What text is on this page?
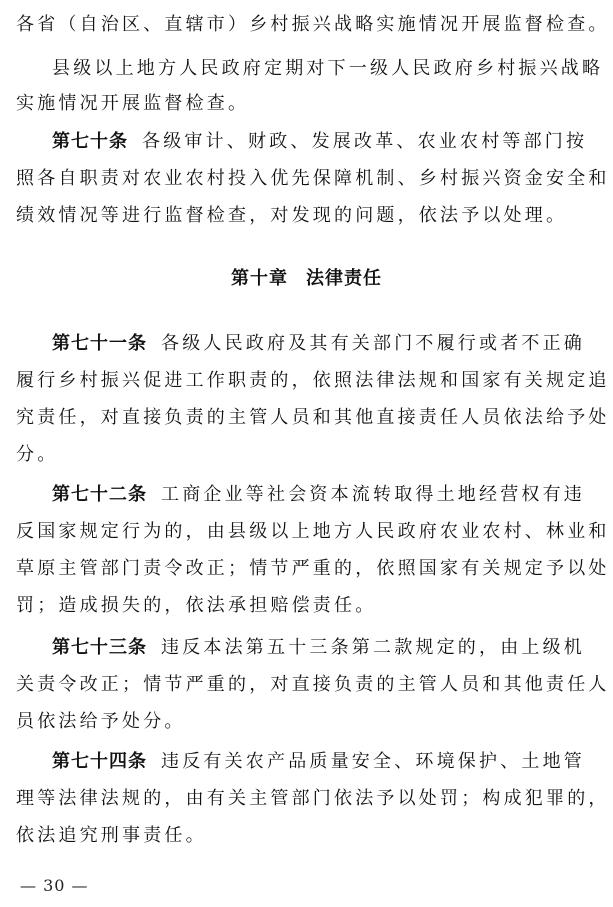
各省（自治区、直辖市）乡村振兴战略实施情况开展监督检查。
县级以上地方人民政府定期对下一级人民政府乡村振兴战略
实施情况开展监督检查。
第七十条 各级审计、财政、发展改革、农业农村等部门按
照各自职责对农业农村投入优先保障机制、乡村振兴资金安全和
绩效情况等进行监督检查，对发现的问题，依法予以处理。
第十章 法律责任
第七十一条 各级人民政府及其有关部门不履行或者不正确
履行乡村振兴促进工作职责的，依照法律法规和国家有关规定追
究责任，对直接负责的主管人员和其他直接责任人员依法给予处
分。
第七十二条 工商企业等社会资本流转取得土地经营权有违
反国家规定行为的，由县级以上地方人民政府农业农村、林业和
草原主管部门责令改正；情节严重的，依照国家有关规定予以处
罚；造成损失的，依法承担赔偿责任。
第七十三条 违反本法第五十三条第二款规定的，由上级机
关责令改正；情节严重的，对直接负责的主管人员和其他责任人
员依法给予处分。
第七十四条 违反有关农产品质量安全、环境保护、土地管
理等法律法规的，由有关主管部门依法予以处罚；构成犯罪的，
依法追究刑事责任。
— 30 —
